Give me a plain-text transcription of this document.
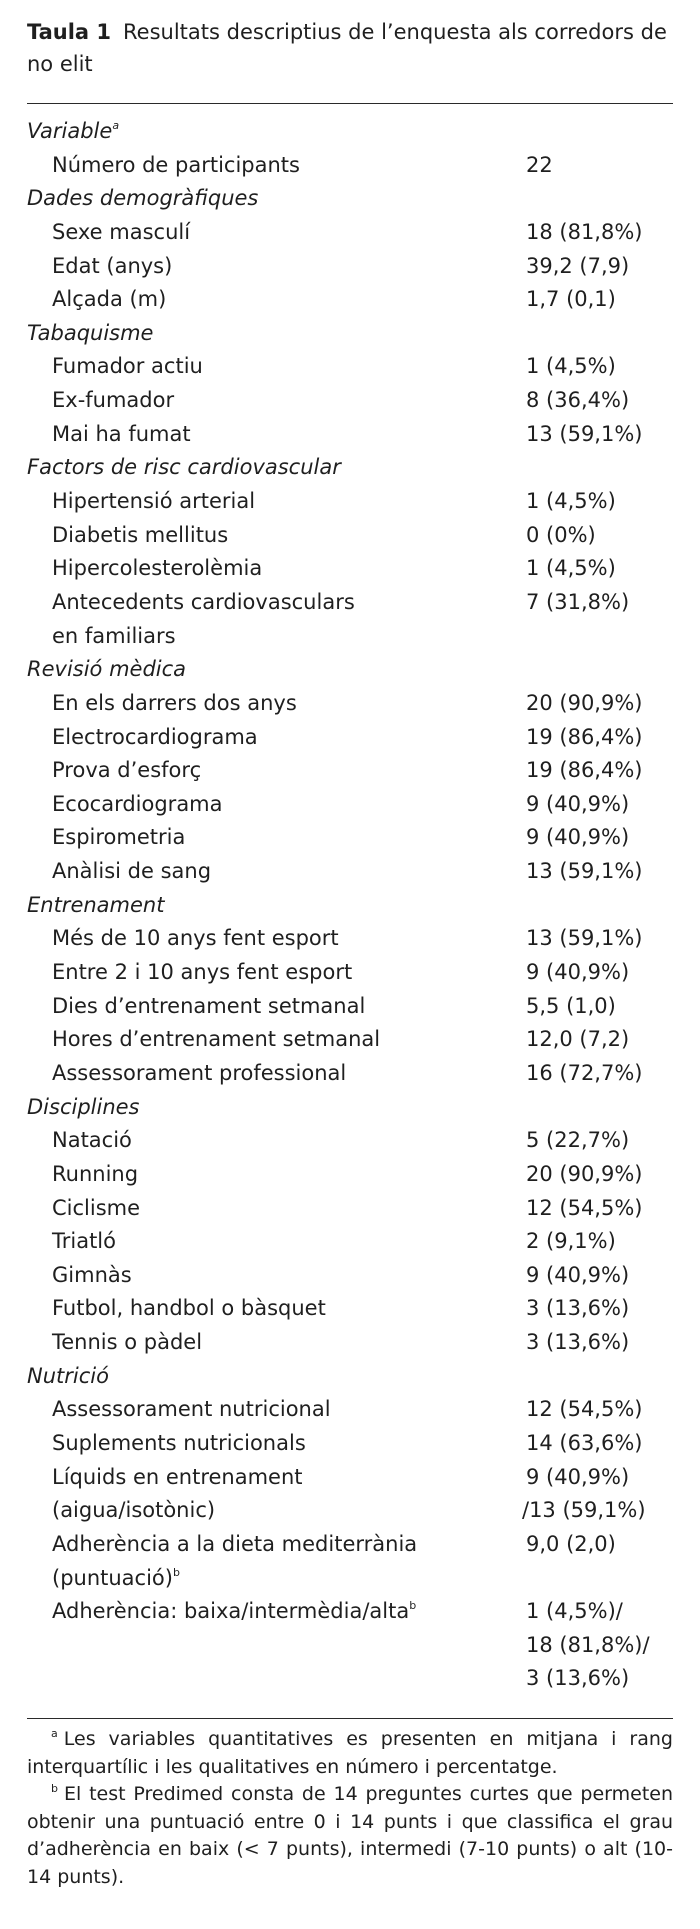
Taula 1 Resultats descriptius de l’enquesta als corredors de no elit
Variable$^a$
Número de participants	22
Dades demogràfiques
Sexe masculí	18 (81,8%)
Edat (anys)	39,2 (7,9)
Alçada (m)	1,7 (0,1)
Tabaquisme
Fumador actiu	1 (4,5%)
Ex-fumador	8 (36,4%)
Mai ha fumat	13 (59,1%)
Factors de risc cardiovascular
Hipertensió arterial	1 (4,5%)
Diabetis mellitus	0 (0%)
Hipercolesterolèmia	1 (4,5%)
Antecedents cardiovasculars	7 (31,8%)
en familiars
Revisió mèdica
En els darrers dos anys	20 (90,9%)
Electrocardiograma	19 (86,4%)
Prova d’esforç	19 (86,4%)
Ecocardiograma	9 (40,9%)
Espirometria	9 (40,9%)
Anàlisi de sang	13 (59,1%)
Entrenament
Més de 10 anys fent esport	13 (59,1%)
Entre 2 i 10 anys fent esport	9 (40,9%)
Dies d’entrenament setmanal	5,5 (1,0)
Hores d’entrenament setmanal	12,0 (7,2)
Assessorament professional	16 (72,7%)
Disciplines
Natació	5 (22,7%)
Running	20 (90,9%)
Ciclisme	12 (54,5%)
Triatló	2 (9,1%)
Gimnàs	9 (40,9%)
Futbol, handbol o bàsquet	3 (13,6%)
Tennis o pàdel	3 (13,6%)
Nutrició
Assessorament nutricional	12 (54,5%)
Suplements nutricionals	14 (63,6%)
Líquids en entrenament	9 (40,9%)
(aigua/isotònic)	/13 (59,1%)
Adherència a la dieta mediterrània	9,0 (2,0)
(puntuació)$^b$
Adherència: baixa/intermèdia/alta$^b$	1 (4,5%)/
18 (81,8%)/
3 (13,6%)
$^a$ Les variables quantitatives es presenten en mitjana i rang interquartílic i les qualitatives en número i percentatge.
$^b$ El test Predimed consta de 14 preguntes curtes que permeten obtenir una puntuació entre 0 i 14 punts i que classifica el grau d’adherència en baix (< 7 punts), intermedi (7-10 punts) o alt (10-14 punts).
